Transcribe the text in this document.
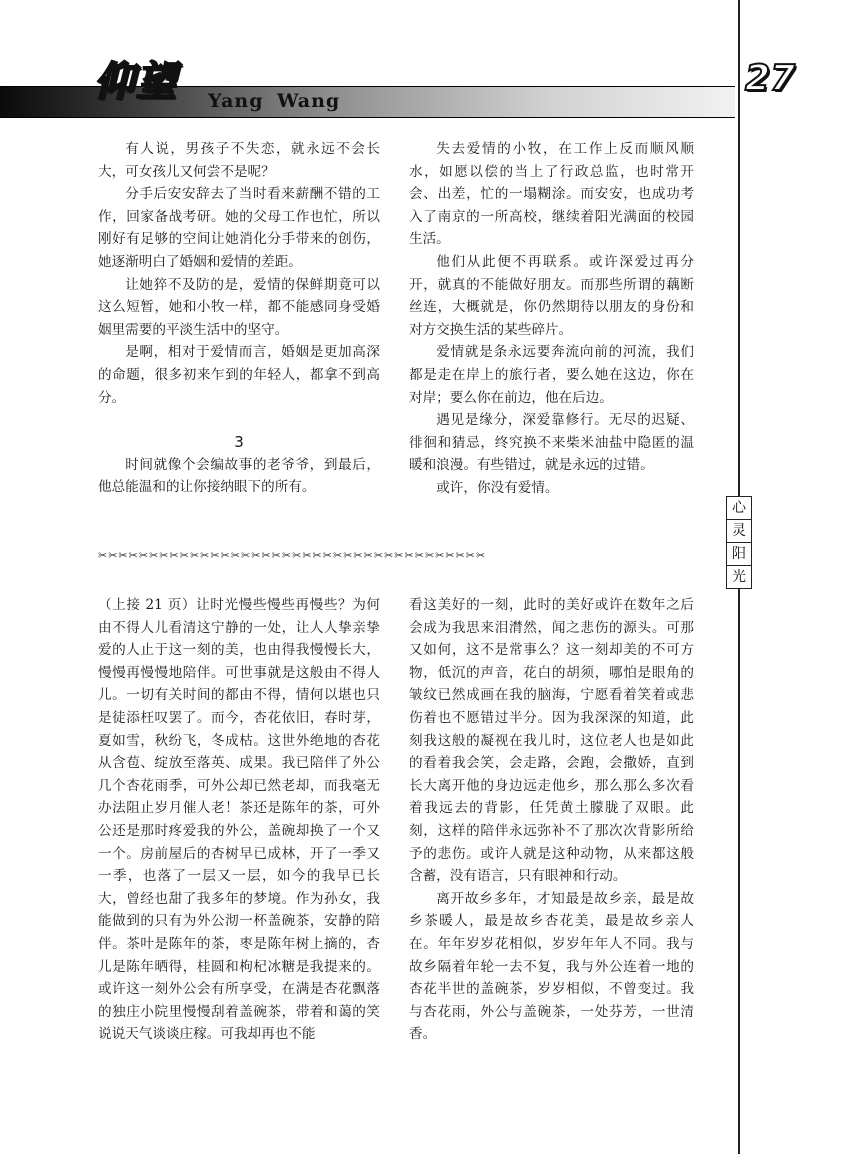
仰望 Yang Wang
27

有人说，男孩子不失恋，就永远不会长大，可女孩儿又何尝不是呢？

分手后安安辞去了当时看来薪酬不错的工作，回家备战考研。她的父母工作也忙，所以刚好有足够的空间让她消化分手带来的创伤，她逐渐明白了婚姻和爱情的差距。

让她猝不及防的是，爱情的保鲜期竟可以这么短暂，她和小牧一样，都不能感同身受婚姻里需要的平淡生活中的坚守。

是啊，相对于爱情而言，婚姻是更加高深的命题，很多初来乍到的年轻人，都拿不到高分。

3

时间就像个会编故事的老爷爷，到最后，他总能温和的让你接纳眼下的所有。

失去爱情的小牧，在工作上反而顺风顺水，如愿以偿的当上了行政总监，也时常开会、出差，忙的一塌糊涂。而安安，也成功考入了南京的一所高校，继续着阳光满面的校园生活。

他们从此便不再联系。或许深爱过再分开，就真的不能做好朋友。而那些所谓的藕断丝连，大概就是，你仍然期待以朋友的身份和对方交换生活的某些碎片。

爱情就是条永远要奔流向前的河流，我们都是走在岸上的旅行者，要么她在这边，你在对岸；要么你在前边，他在后边。

遇见是缘分，深爱靠修行。无尽的迟疑、徘徊和猜忌，终究换不来柴米油盐中隐匿的温暖和浪漫。有些错过，就是永远的过错。

或许，你没有爱情。

✂✂✂✂✂✂✂✂✂✂✂✂✂✂✂✂✂✂✂✂✂✂✂✂✂✂✂✂✂✂✂✂✂✂✂✂✂✂

（上接 21 页）让时光慢些慢些再慢些？为何由不得人儿看清这宁静的一处，让人人挚亲挚爱的人止于这一刻的美，也由得我慢慢长大，慢慢再慢慢地陪伴。可世事就是这般由不得人儿。一切有关时间的都由不得，情何以堪也只是徒添枉叹罢了。而今，杏花依旧，春时芽，夏如雪，秋纷飞，冬成枯。这世外绝地的杏花从含苞、绽放至落英、成果。我已陪伴了外公几个杏花雨季，可外公却已然老却，而我毫无办法阻止岁月催人老！茶还是陈年的茶，可外公还是那时疼爱我的外公，盖碗却换了一个又一个。房前屋后的杏树早已成林，开了一季又一季，也落了一层又一层，如今的我早已长大，曾经也甜了我多年的梦境。作为孙女，我能做到的只有为外公沏一杯盖碗茶，安静的陪伴。茶叶是陈年的茶，枣是陈年树上摘的，杏儿是陈年晒得，桂圆和枸杞冰糖是我提来的。或许这一刻外公会有所享受，在满是杏花飘落的独庄小院里慢慢刮着盖碗茶，带着和蔼的笑说说天气谈谈庄稼。可我却再也不能

看这美好的一刻，此时的美好或许在数年之后会成为我思来泪潸然，闻之悲伤的源头。可那又如何，这不是常事么？这一刻却美的不可方物，低沉的声音，花白的胡须，哪怕是眼角的皱纹已然成画在我的脑海，宁愿看着笑着或悲伤着也不愿错过半分。因为我深深的知道，此刻我这般的凝视在我儿时，这位老人也是如此的看着我会笑，会走路，会跑，会撒娇，直到长大离开他的身边远走他乡，那么那么多次看着我远去的背影，任凭黄土朦胧了双眼。此刻，这样的陪伴永远弥补不了那次次背影所给予的悲伤。或许人就是这种动物，从来都这般含蓄，没有语言，只有眼神和行动。

离开故乡多年，才知最是故乡亲，最是故乡茶暖人，最是故乡杏花美，最是故乡亲人在。年年岁岁花相似，岁岁年年人不同。我与故乡隔着年轮一去不复，我与外公连着一地的杏花半世的盖碗茶，岁岁相似，不曾变过。我与杏花雨，外公与盖碗茶，一处芬芳，一世清香。

心
灵
阳
光
